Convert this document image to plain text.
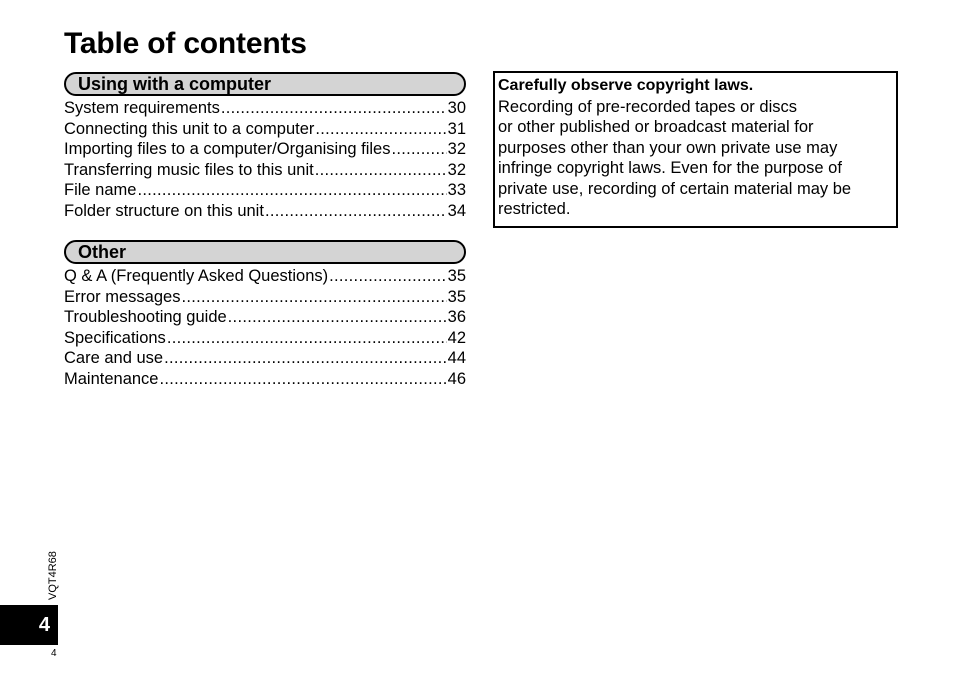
Table of contents
Using with a computer
System requirements .....	30
Connecting this unit to a computer .....	31
Importing files to a computer/Organising files .....	32
Transferring music files to this unit .....	32
File name .....	33
Folder structure on this unit .....	34
Other
Q & A (Frequently Asked Questions) .....	35
Error messages .....	35
Troubleshooting guide .....	36
Specifications .....	42
Care and use .....	44
Maintenance .....	46
Carefully observe copyright laws.
Recording of pre-recorded tapes or discs
or other published or broadcast material for
purposes other than your own private use may
infringe copyright laws. Even for the purpose of
private use, recording of certain material may be
restricted.
VQT4R68
4
4
